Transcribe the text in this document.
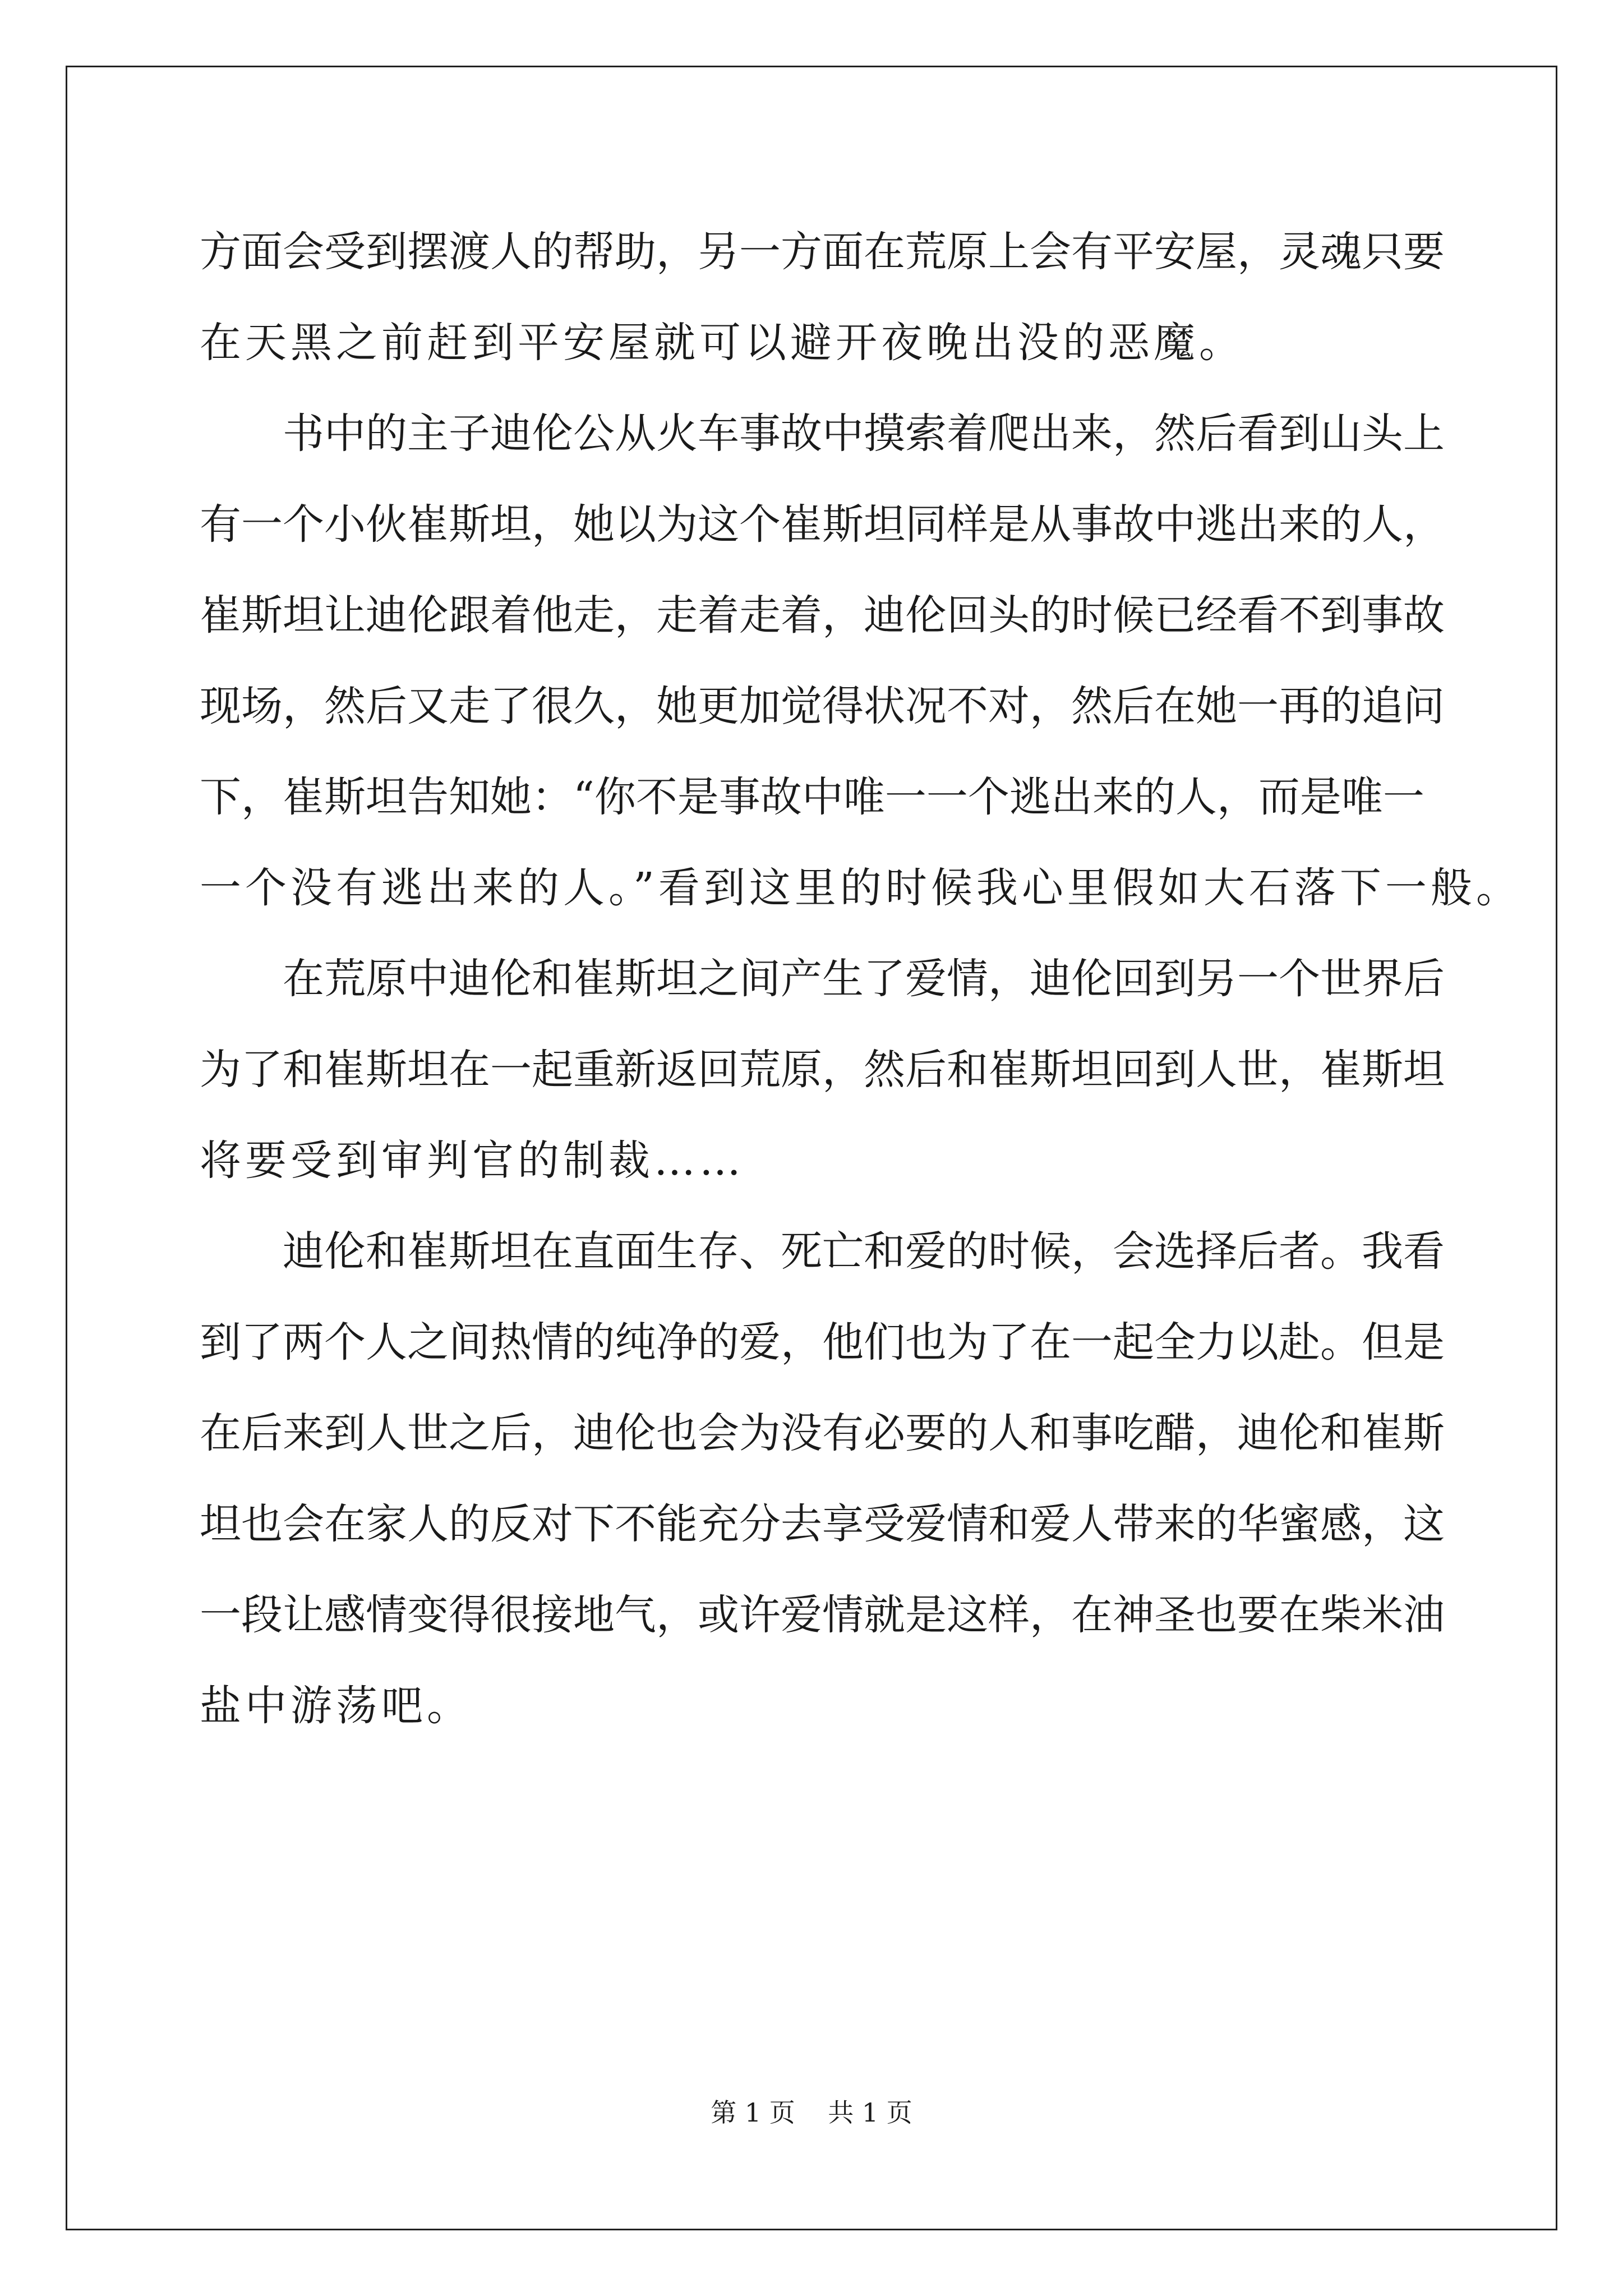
方面会受到摆渡人的帮助，另一方面在荒原上会有平安屋，灵魂只要
在天黑之前赶到平安屋就可以避开夜晚出没的恶魔。
书中的主子迪伦公从火车事故中摸索着爬出来，然后看到山头上
有一个小伙崔斯坦，她以为这个崔斯坦同样是从事故中逃出来的人，
崔斯坦让迪伦跟着他走，走着走着，迪伦回头的时候已经看不到事故
现场，然后又走了很久，她更加觉得状况不对，然后在她一再的追问
下，崔斯坦告知她：“你不是事故中唯一一个逃出来的人，而是唯一
一个没有逃出来的人。”看到这里的时候我心里假如大石落下一般。
在荒原中迪伦和崔斯坦之间产生了爱情，迪伦回到另一个世界后
为了和崔斯坦在一起重新返回荒原，然后和崔斯坦回到人世，崔斯坦
将要受到审判官的制裁……
迪伦和崔斯坦在直面生存、死亡和爱的时候，会选择后者。我看
到了两个人之间热情的纯净的爱，他们也为了在一起全力以赴。但是
在后来到人世之后，迪伦也会为没有必要的人和事吃醋，迪伦和崔斯
坦也会在家人的反对下不能充分去享受爱情和爱人带来的华蜜感，这
一段让感情变得很接地气，或许爱情就是这样，在神圣也要在柴米油
盐中游荡吧。
第 1 页    共 1 页
